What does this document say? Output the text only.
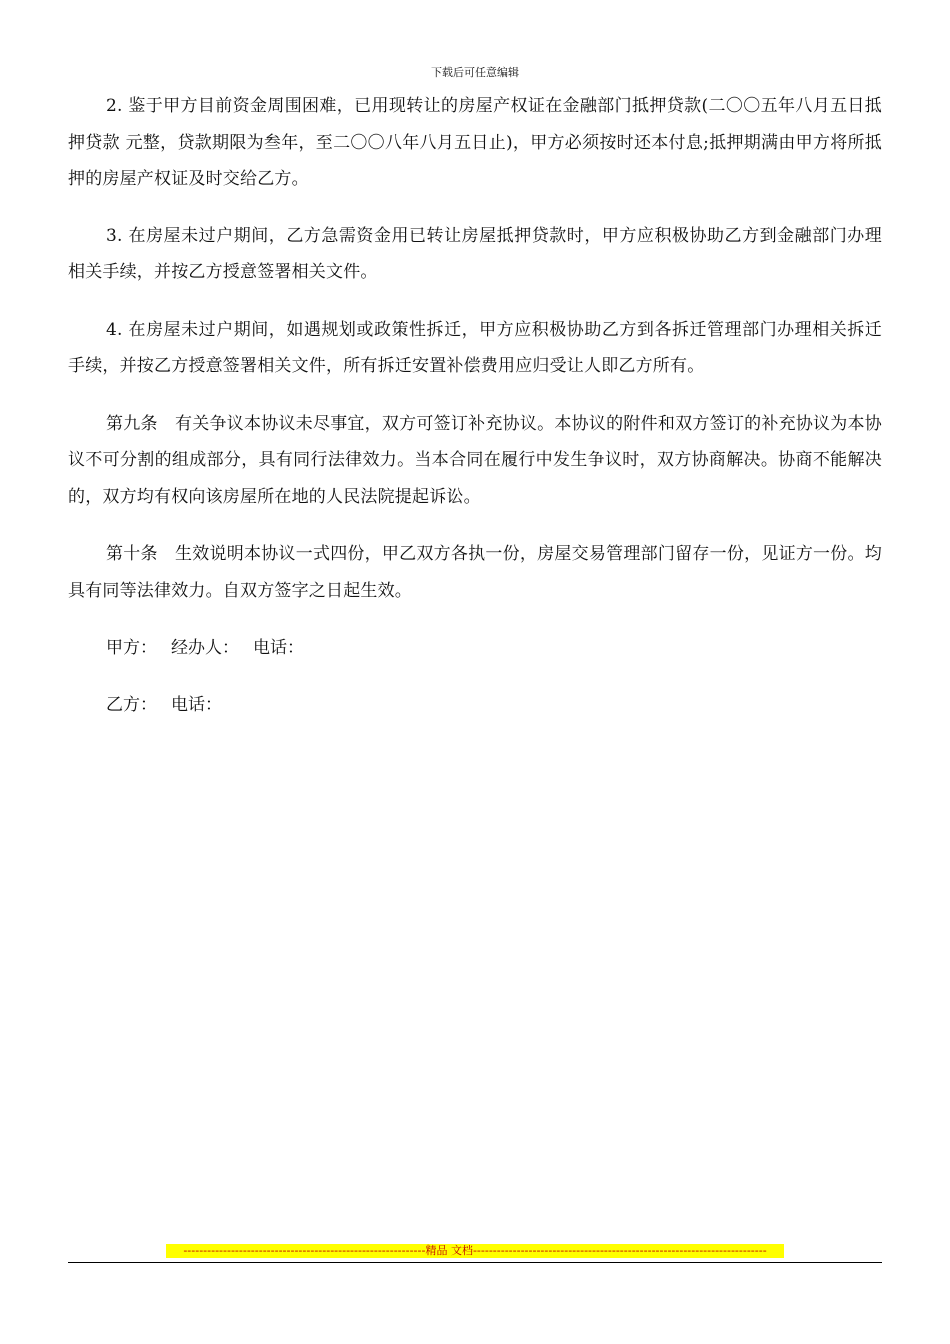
下载后可任意编辑

2. 鉴于甲方目前资金周围困难，已用现转让的房屋产权证在金融部门抵押贷款(二〇〇五年八月五日抵押贷款 元整，贷款期限为叁年，至二〇〇八年八月五日止)，甲方必须按时还本付息;抵押期满由甲方将所抵押的房屋产权证及时交给乙方。

3. 在房屋未过户期间，乙方急需资金用已转让房屋抵押贷款时，甲方应积极协助乙方到金融部门办理相关手续，并按乙方授意签署相关文件。

4. 在房屋未过户期间，如遇规划或政策性拆迁，甲方应积极协助乙方到各拆迁管理部门办理相关拆迁手续，并按乙方授意签署相关文件，所有拆迁安置补偿费用应归受让人即乙方所有。

第九条　有关争议本协议未尽事宜，双方可签订补充协议。本协议的附件和双方签订的补充协议为本协议不可分割的组成部分，具有同行法律效力。当本合同在履行中发生争议时，双方协商解决。协商不能解决的，双方均有权向该房屋所在地的人民法院提起诉讼。

第十条　生效说明本协议一式四份，甲乙双方各执一份，房屋交易管理部门留存一份，见证方一份。均具有同等法律效力。自双方签字之日起生效。

甲方： 经办人： 电话：
乙方： 电话：
-------------------------------------------------------------精品 文档--------------------------------------------------------------------------
